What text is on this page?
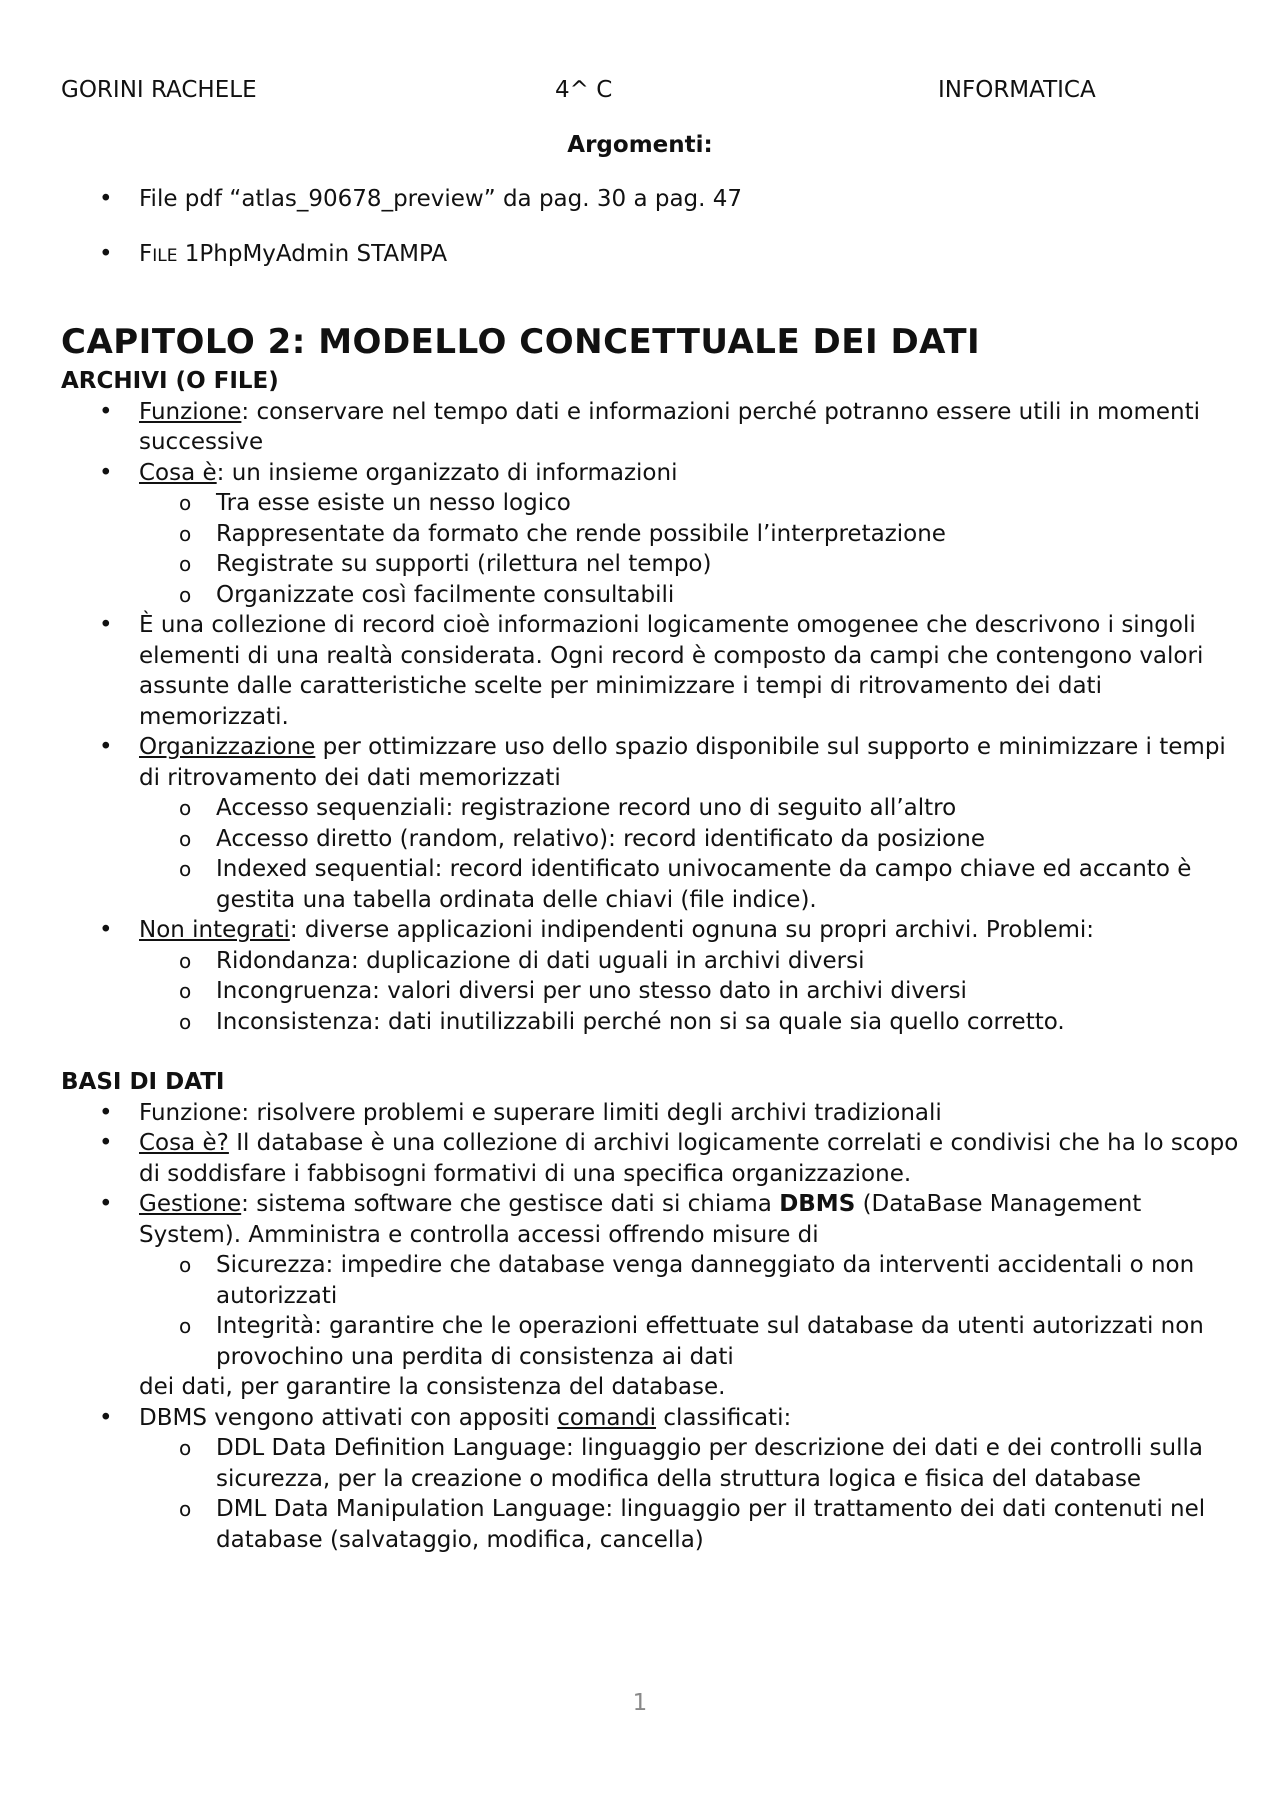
GORINI RACHELE	4^ C	INFORMATICA
Argomenti:
• File pdf “atlas_90678_preview” da pag. 30 a pag. 47
• FILE 1PhpMyAdmin STAMPA
CAPITOLO 2: MODELLO CONCETTUALE DEI DATI
ARCHIVI (O FILE)
• Funzione: conservare nel tempo dati e informazioni perché potranno essere utili in momenti successive
• Cosa è: un insieme organizzato di informazioni
o Tra esse esiste un nesso logico
o Rappresentate da formato che rende possibile l’interpretazione
o Registrate su supporti (rilettura nel tempo)
o Organizzate così facilmente consultabili
• È una collezione di record cioè informazioni logicamente omogenee che descrivono i singoli elementi di una realtà considerata. Ogni record è composto da campi che contengono valori assunte dalle caratteristiche scelte per minimizzare i tempi di ritrovamento dei dati memorizzati.
• Organizzazione per ottimizzare uso dello spazio disponibile sul supporto e minimizzare i tempi di ritrovamento dei dati memorizzati
o Accesso sequenziali: registrazione record uno di seguito all’altro
o Accesso diretto (random, relativo): record identificato da posizione
o Indexed sequential: record identificato univocamente da campo chiave ed accanto è gestita una tabella ordinata delle chiavi (file indice).
• Non integrati: diverse applicazioni indipendenti ognuna su propri archivi. Problemi:
o Ridondanza: duplicazione di dati uguali in archivi diversi
o Incongruenza: valori diversi per uno stesso dato in archivi diversi
o Inconsistenza: dati inutilizzabili perché non si sa quale sia quello corretto.
BASI DI DATI
• Funzione: risolvere problemi e superare limiti degli archivi tradizionali
• Cosa è? Il database è una collezione di archivi logicamente correlati e condivisi che ha lo scopo di soddisfare i fabbisogni formativi di una specifica organizzazione.
• Gestione: sistema software che gestisce dati si chiama DBMS (DataBase Management System). Amministra e controlla accessi offrendo misure di
o Sicurezza: impedire che database venga danneggiato da interventi accidentali o non autorizzati
o Integrità: garantire che le operazioni effettuate sul database da utenti autorizzati non provochino una perdita di consistenza ai dati
dei dati, per garantire la consistenza del database.
• DBMS vengono attivati con appositi comandi classificati:
o DDL Data Definition Language: linguaggio per descrizione dei dati e dei controlli sulla sicurezza, per la creazione o modifica della struttura logica e fisica del database
o DML Data Manipulation Language: linguaggio per il trattamento dei dati contenuti nel database (salvataggio, modifica, cancella)
1
